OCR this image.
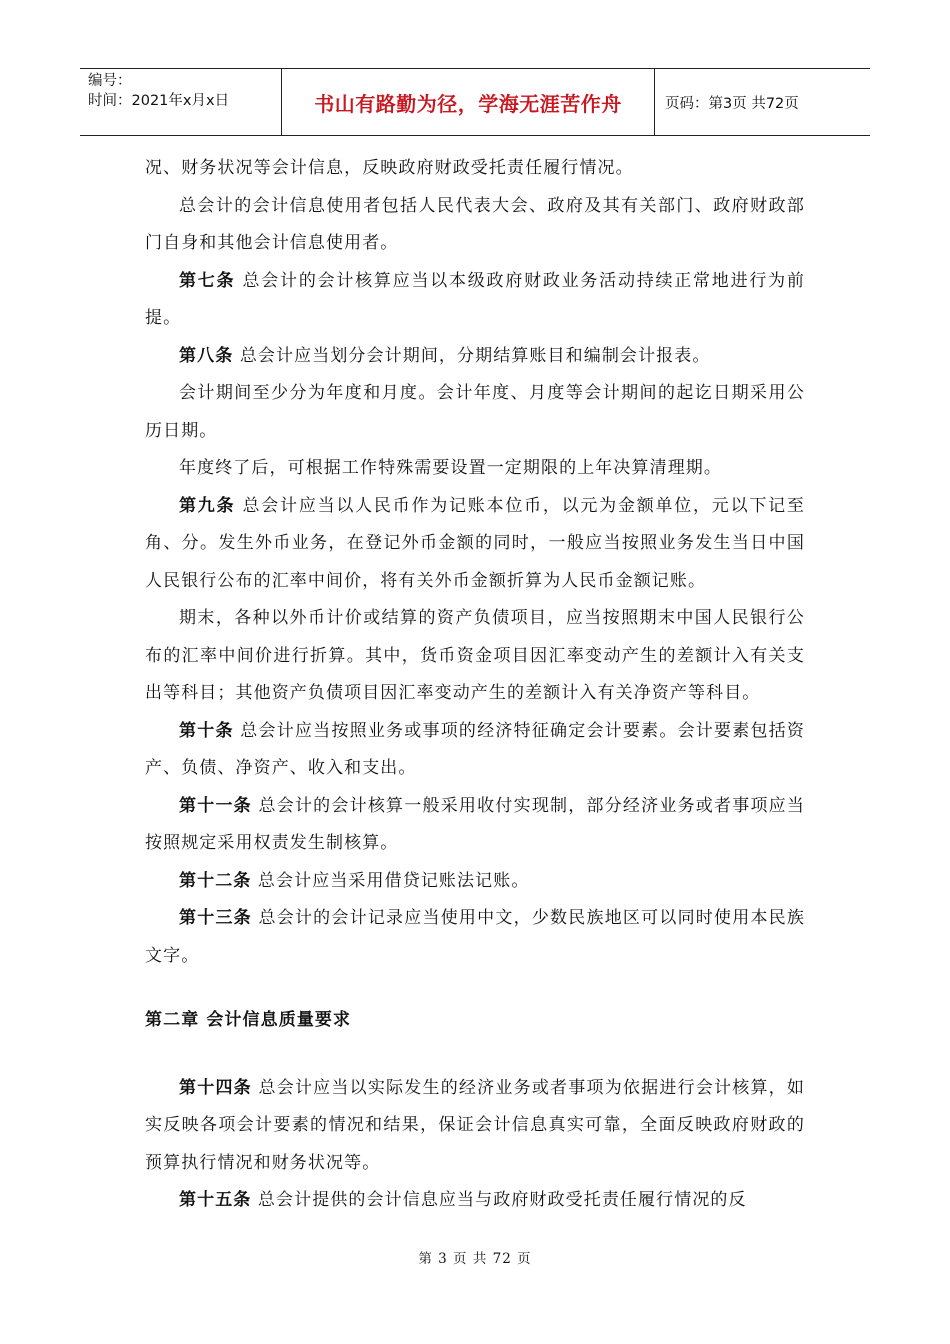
编号：
时间：2021年x月x日	书山有路勤为径，学海无涯苦作舟	页码：第3页 共72页

况、财务状况等会计信息，反映政府财政受托责任履行情况。

总会计的会计信息使用者包括人民代表大会、政府及其有关部门、政府财政部门自身和其他会计信息使用者。

第七条 总会计的会计核算应当以本级政府财政业务活动持续正常地进行为前提。

第八条 总会计应当划分会计期间，分期结算账目和编制会计报表。

会计期间至少分为年度和月度。会计年度、月度等会计期间的起讫日期采用公历日期。

年度终了后，可根据工作特殊需要设置一定期限的上年决算清理期。

第九条 总会计应当以人民币作为记账本位币，以元为金额单位，元以下记至角、分。发生外币业务，在登记外币金额的同时，一般应当按照业务发生当日中国人民银行公布的汇率中间价，将有关外币金额折算为人民币金额记账。

期末，各种以外币计价或结算的资产负债项目，应当按照期末中国人民银行公布的汇率中间价进行折算。其中，货币资金项目因汇率变动产生的差额计入有关支出等科目；其他资产负债项目因汇率变动产生的差额计入有关净资产等科目。

第十条 总会计应当按照业务或事项的经济特征确定会计要素。会计要素包括资产、负债、净资产、收入和支出。

第十一条 总会计的会计核算一般采用收付实现制，部分经济业务或者事项应当按照规定采用权责发生制核算。

第十二条 总会计应当采用借贷记账法记账。

第十三条 总会计的会计记录应当使用中文，少数民族地区可以同时使用本民族文字。

第二章 会计信息质量要求

第十四条 总会计应当以实际发生的经济业务或者事项为依据进行会计核算，如实反映各项会计要素的情况和结果，保证会计信息真实可靠，全面反映政府财政的预算执行情况和财务状况等。

第十五条 总会计提供的会计信息应当与政府财政受托责任履行情况的反

第 3 页 共 72 页
